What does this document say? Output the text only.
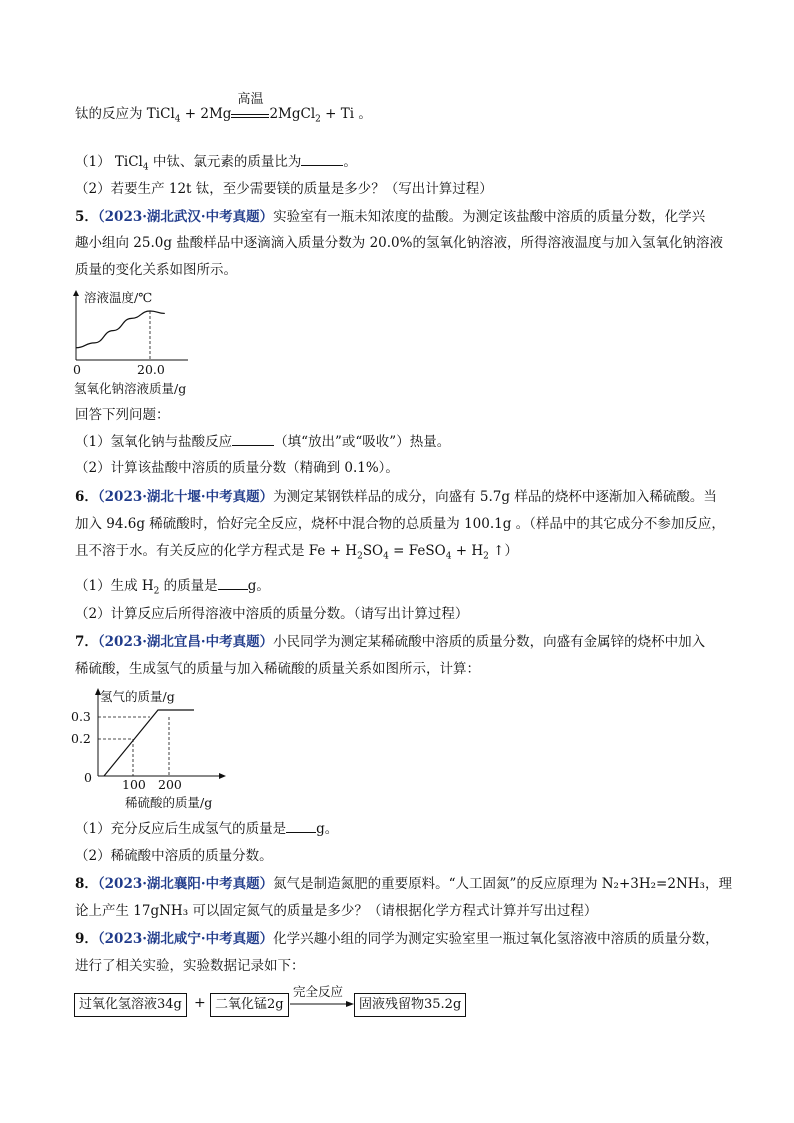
钛的反应为 TiCl$_4$ + 2Mg
高温
2MgCl$_2$ + Ti 。
（1） TiCl$_4$ 中钛、氯元素的质量比为	。
（2）若要生产 12t 钛，至少需要镁的质量是多少？（写出计算过程）
5．（2023·湖北武汉·中考真题）实验室有一瓶未知浓度的盐酸。为测定该盐酸中溶质的质量分数，化学兴
趣小组向 25.0g 盐酸样品中逐滴滴入质量分数为 20.0%的氢氧化钠溶液，所得溶液温度与加入氢氧化钠溶液
质量的变化关系如图所示。
溶液温度/℃
0	20.0
氢氧化钠溶液质量/g
回答下列问题：
（1）氢氧化钠与盐酸反应	（填“放出”或“吸收”）热量。
（2）计算该盐酸中溶质的质量分数（精确到 0.1%）。
6．（2023·湖北十堰·中考真题）为测定某钢铁样品的成分，向盛有 5.7g 样品的烧杯中逐渐加入稀硫酸。当
加入 94.6g 稀硫酸时，恰好完全反应，烧杯中混合物的总质量为 100.1g 。（样品中的其它成分不参加反应，
且不溶于水。有关反应的化学方程式是 $Fe + H_2SO_4$ = FeSO$_4$ + $H_2$ ↑）
（1）生成 $H_2$ 的质量是 g。
（2）计算反应后所得溶液中溶质的质量分数。（请写出计算过程）
7．（2023·湖北宜昌·中考真题）小民同学为测定某稀硫酸中溶质的质量分数，向盛有金属锌的烧杯中加入
稀硫酸，生成氢气的质量与加入稀硫酸的质量关系如图所示，计算：
氢气的质量/g
0.3
0.2
0 100 200
稀硫酸的质量/g
（1）充分反应后生成氢气的质量是 g。
（2）稀硫酸中溶质的质量分数。
8．（2023·湖北襄阳·中考真题）氮气是制造氮肥的重要原料。“人工固氮”的反应原理为 N₂+3H₂=2NH₃，理
论上产生 17gNH₃ 可以固定氮气的质量是多少？（请根据化学方程式计算并写出过程）
9．（2023·湖北咸宁·中考真题）化学兴趣小组的同学为测定实验室里一瓶过氧化氢溶液中溶质的质量分数，
进行了相关实验，实验数据记录如下：
过氧化氢溶液34g + 二氧化锰2g
完全反应
固液残留物35.2g
